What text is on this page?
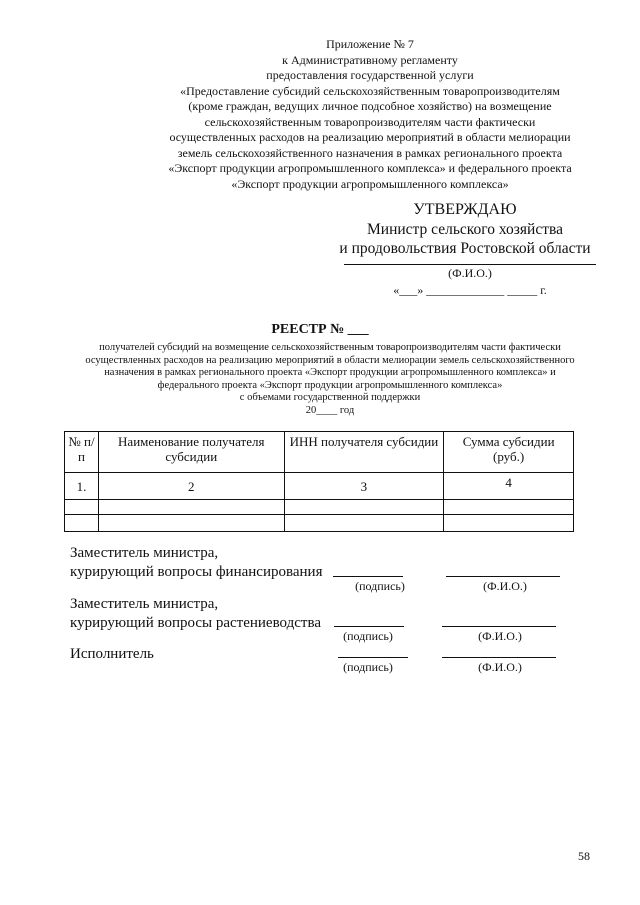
Приложение № 7
к Административному регламенту
предоставления государственной услуги
«Предоставление субсидий сельскохозяйственным товаропроизводителям
(кроме граждан, ведущих личное подсобное хозяйство) на возмещение
сельскохозяйственным товаропроизводителям части фактически
осуществленных расходов на реализацию мероприятий в области мелиорации
земель сельскохозяйственного назначения в рамках регионального проекта
«Экспорт продукции агропромышленного комплекса» и федерального проекта
«Экспорт продукции агропромышленного комплекса»
УТВЕРЖДАЮ
Министр сельского хозяйства
и продовольствия Ростовской области
(Ф.И.О.)
«___» _____________ _____ г.
РЕЕСТР № ___
получателей субсидий на возмещение сельскохозяйственным товаропроизводителям части фактически
осуществленных расходов на реализацию мероприятий в области мелиорации земель сельскохозяйственного
назначения в рамках регионального проекта «Экспорт продукции агропромышленного комплекса» и
федерального проекта «Экспорт продукции агропромышленного комплекса»
с объемами государственной поддержки
20____ год
№ п/п	Наименование получателя субсидии	ИНН получателя субсидии	Сумма субсидии (руб.)
1.	2	3	4

Заместитель министра,
курирующий вопросы финансирования
(подпись)	(Ф.И.О.)
Заместитель министра,
курирующий вопросы растениеводства
(подпись)	(Ф.И.О.)
Исполнитель
(подпись)	(Ф.И.О.)
58
